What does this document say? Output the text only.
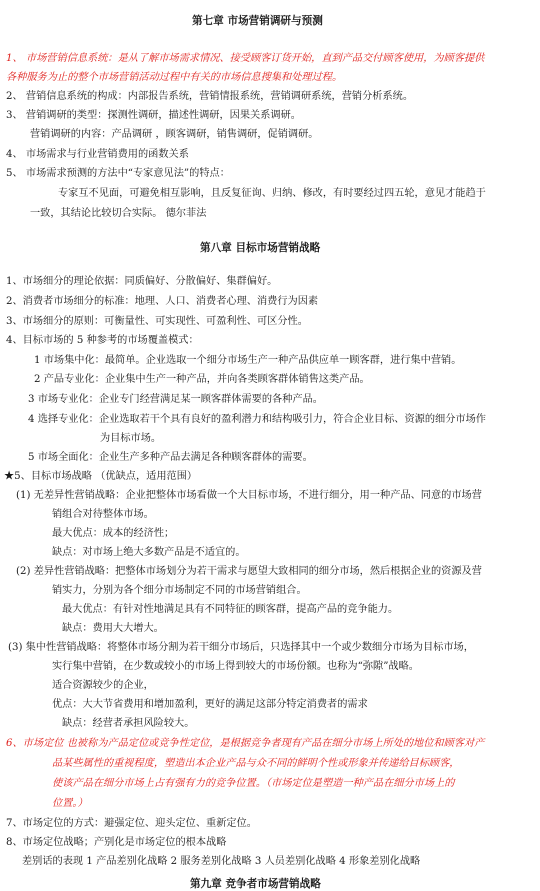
第七章 市场营销调研与预测
1、 市场营销信息系统：是从了解市场需求情况、接受顾客订货开始，直到产品交付顾客使用，为顾客提供
各种服务为止的整个市场营销活动过程中有关的市场信息搜集和处理过程。
2、 营销信息系统的构成：内部报告系统，营销情报系统，营销调研系统，营销分析系统。
3、 营销调研的类型：探测性调研，描述性调研，因果关系调研。
营销调研的内容：产品调研 ，顾客调研，销售调研，促销调研。
4、 市场需求与行业营销费用的函数关系
5、 市场需求预测的方法中“专家意见法”的特点：
专家互不见面，可避免相互影响，且反复征询、归纳、修改，有时要经过四五轮，意见才能趋于
一致，其结论比较切合实际。 德尔菲法
第八章 目标市场营销战略
1、市场细分的理论依据：同质偏好、分散偏好、集群偏好。
2、消费者市场细分的标准：地理、人口、消费者心理、消费行为因素
3、市场细分的原则：可衡量性、可实现性、可盈利性、可区分性。
4、目标市场的 5 种参考的市场覆盖模式：
1 市场集中化：最简单。企业选取一个细分市场生产一种产品供应单一顾客群，进行集中营销。
2 产品专业化：企业集中生产一种产品，并向各类顾客群体销售这类产品。
3 市场专业化：企业专门经营满足某一顾客群体需要的各种产品。
4 选择专业化：企业选取若干个具有良好的盈利潜力和结构吸引力，符合企业目标、资源的细分市场作
为目标市场。
5 市场全面化：企业生产多种产品去满足各种顾客群体的需要。
★5、目标市场战略 （优缺点，适用范围）
(1) 无差异性营销战略：企业把整体市场看做一个大目标市场，不进行细分，用一种产品、同意的市场营
销组合对待整体市场。
最大优点：成本的经济性；
缺点：对市场上绝大多数产品是不适宜的。
(2) 差异性营销战略：把整体市场划分为若干需求与愿望大致相同的细分市场，然后根据企业的资源及营
销实力，分别为各个细分市场制定不同的市场营销组合。
最大优点：有针对性地满足具有不同特征的顾客群，提高产品的竞争能力。
缺点：费用大大增大。
(3) 集中性营销战略：将整体市场分割为若干细分市场后，只选择其中一个或少数细分市场为目标市场，
实行集中营销，在少数或较小的市场上得到较大的市场份额。也称为“弥隙”战略。
适合资源较少的企业，
优点：大大节省费用和增加盈利，更好的满足这部分特定消费者的需求
缺点：经营者承担风险较大。
6、市场定位 也被称为产品定位或竞争性定位，是根据竞争者现有产品在细分市场上所处的地位和顾客对产
品某些属性的重视程度，塑造出本企业产品与众不同的鲜明个性或形象并传递给目标顾客，
使该产品在细分市场上占有强有力的竞争位置。（市场定位是塑造一种产品在细分市场上的
位置。）
7、市场定位的方式：避强定位、迎头定位、重新定位。
8、市场定位战略；产别化是市场定位的根本战略
差别话的表现 1 产品差别化战略 2 服务差别化战略 3 人员差别化战略 4 形象差别化战略
第九章 竞争者市场营销战略
